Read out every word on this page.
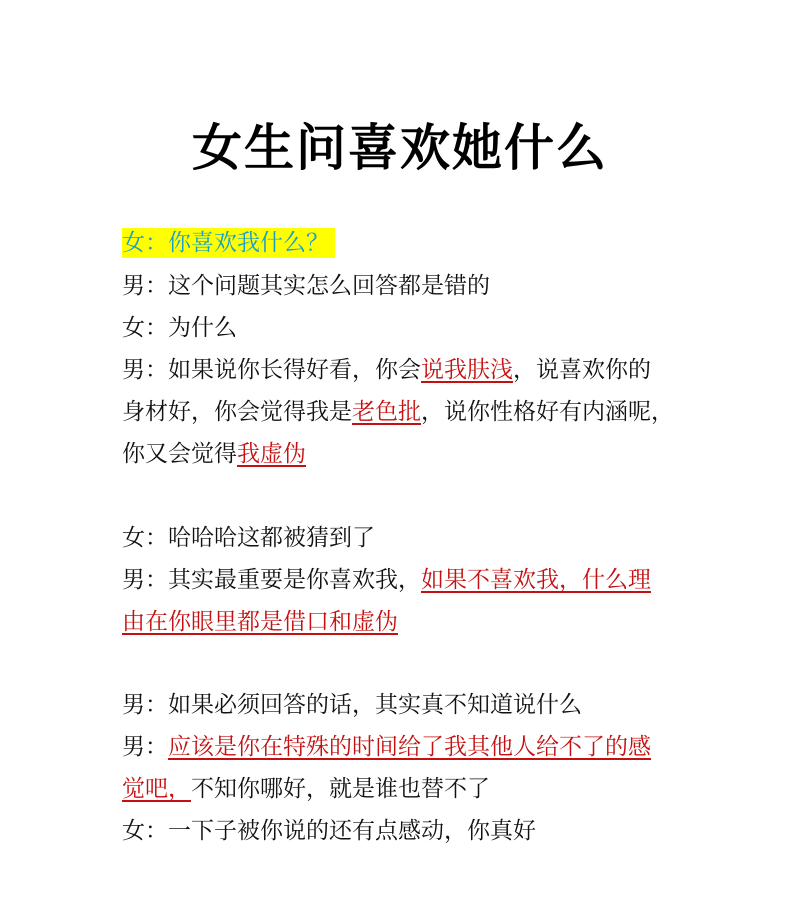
女生问喜欢她什么
女：你喜欢我什么？
男：这个问题其实怎么回答都是错的
女：为什么
男：如果说你长得好看，你会说我肤浅，说喜欢你的
身材好，你会觉得我是老色批，说你性格好有内涵呢，
你又会觉得我虚伪
女：哈哈哈这都被猜到了
男：其实最重要是你喜欢我，如果不喜欢我，什么理
由在你眼里都是借口和虚伪
男：如果必须回答的话，其实真不知道说什么
男：应该是你在特殊的时间给了我其他人给不了的感
觉吧，不知你哪好，就是谁也替不了
女：一下子被你说的还有点感动，你真好
